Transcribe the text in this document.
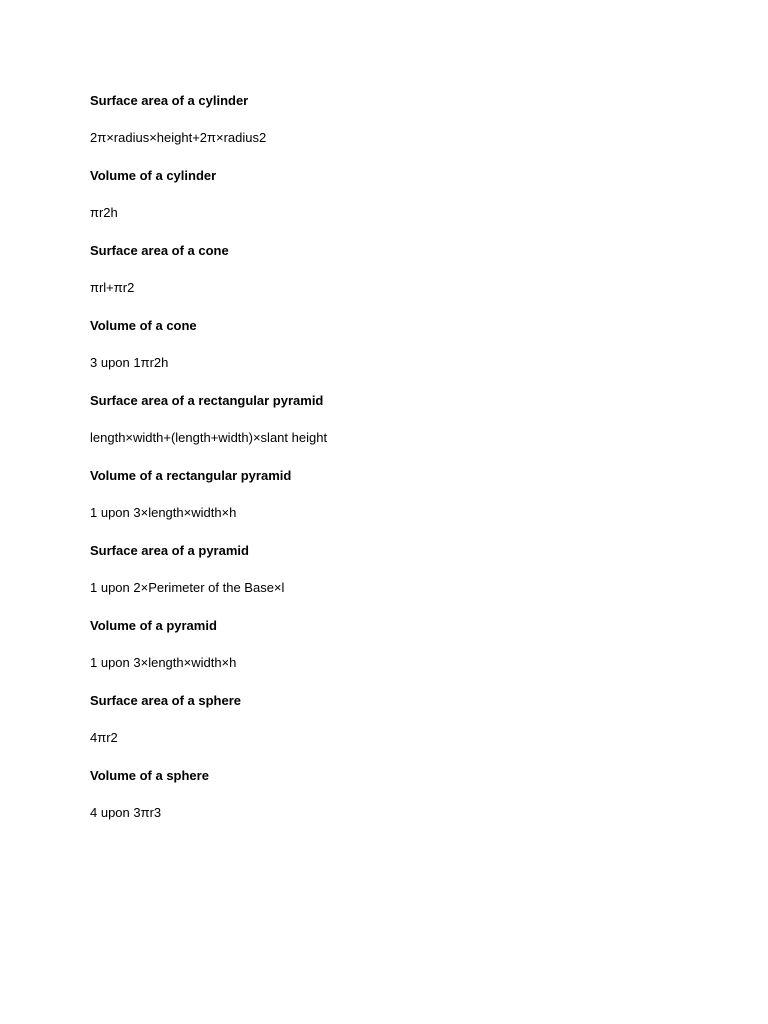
Surface area of a cylinder

2π×radius×height+2π×radius2

Volume of a cylinder

πr2h

Surface area of a cone

πrl+πr2

Volume of a cone

3 upon 1πr2h

Surface area of a rectangular pyramid

length×width+(length+width)×slant height

Volume of a rectangular pyramid

1 upon 3×length×width×h

Surface area of a pyramid

1 upon 2×Perimeter of the Base×l

Volume of a pyramid

1 upon 3×length×width×h

Surface area of a sphere

4πr2

Volume of a sphere

4 upon 3πr3
